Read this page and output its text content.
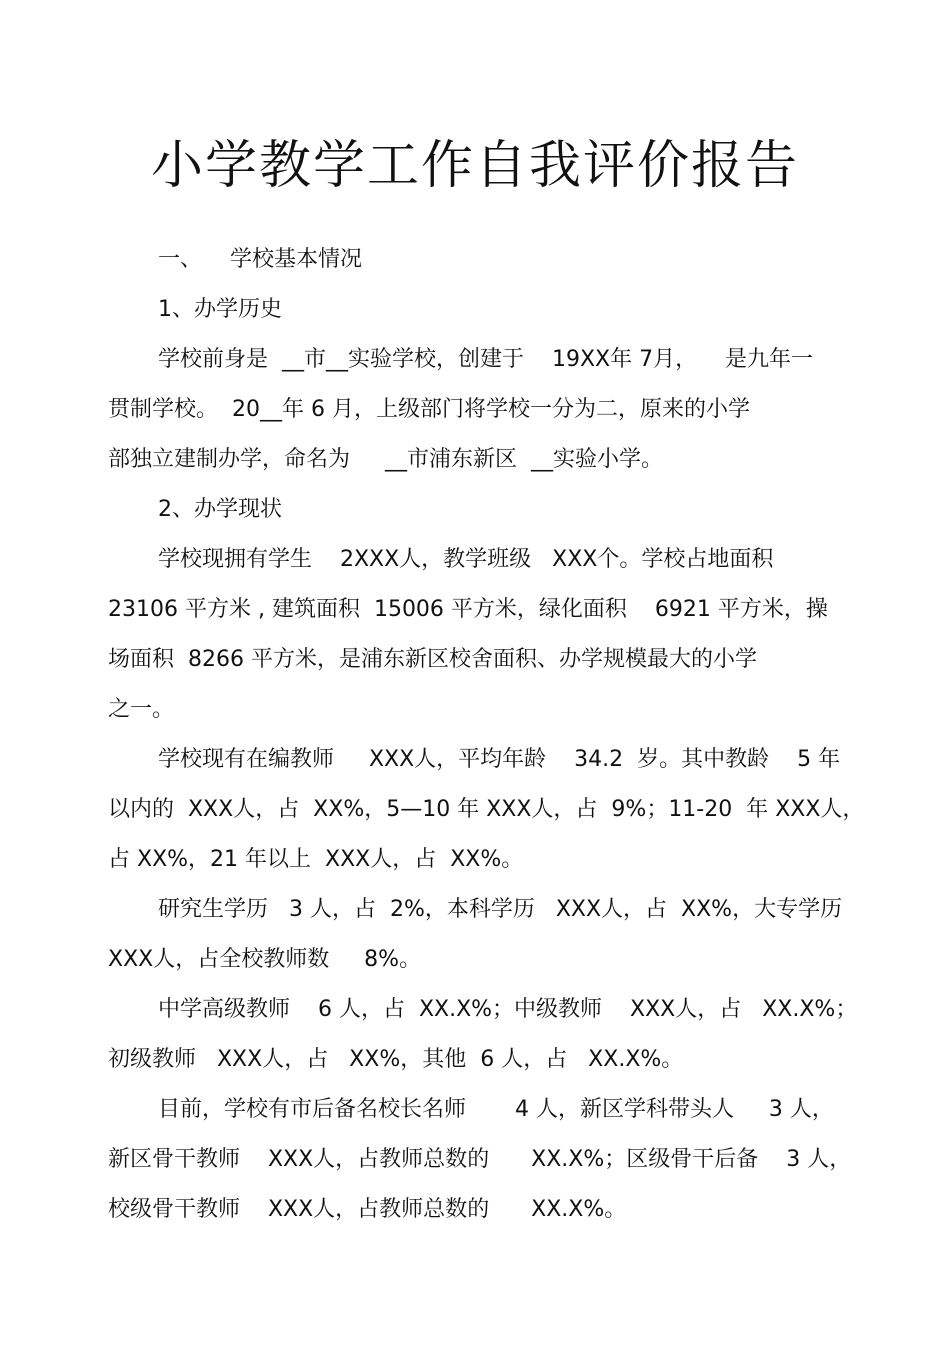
小学教学工作自我评价报告

一、    学校基本情况

1、办学历史

学校前身是  __市__实验学校，创建于    19XX年 7月，    是九年一

贯制学校。  20__年 6 月，上级部门将学校一分为二，原来的小学

部独立建制办学，命名为     __市浦东新区  __实验小学。

2、办学现状

学校现拥有学生    2XXX人，教学班级   XXX个。学校占地面积

23106 平方米 , 建筑面积  15006 平方米，绿化面积    6921 平方米，操

场面积  8266 平方米，是浦东新区校舍面积、办学规模最大的小学

之一。

学校现有在编教师     XXX人，平均年龄    34.2  岁。其中教龄    5 年

以内的  XXX人，占  XX%，5—10 年 XXX人，占  9%；11-20  年 XXX人，

占 XX%，21 年以上  XXX人，占  XX%。

研究生学历   3 人，占  2%，本科学历   XXX人，占  XX%，大专学历

XXX人，占全校教师数     8%。

中学高级教师    6 人，占  XX.X%；中级教师    XXX人，占   XX.X%；

初级教师   XXX人，占   XX%，其他  6 人，占   XX.X%。

目前，学校有市后备名校长名师       4 人，新区学科带头人     3 人，

新区骨干教师    XXX人，占教师总数的      XX.X%；区级骨干后备    3 人，

校级骨干教师    XXX人，占教师总数的      XX.X%。
